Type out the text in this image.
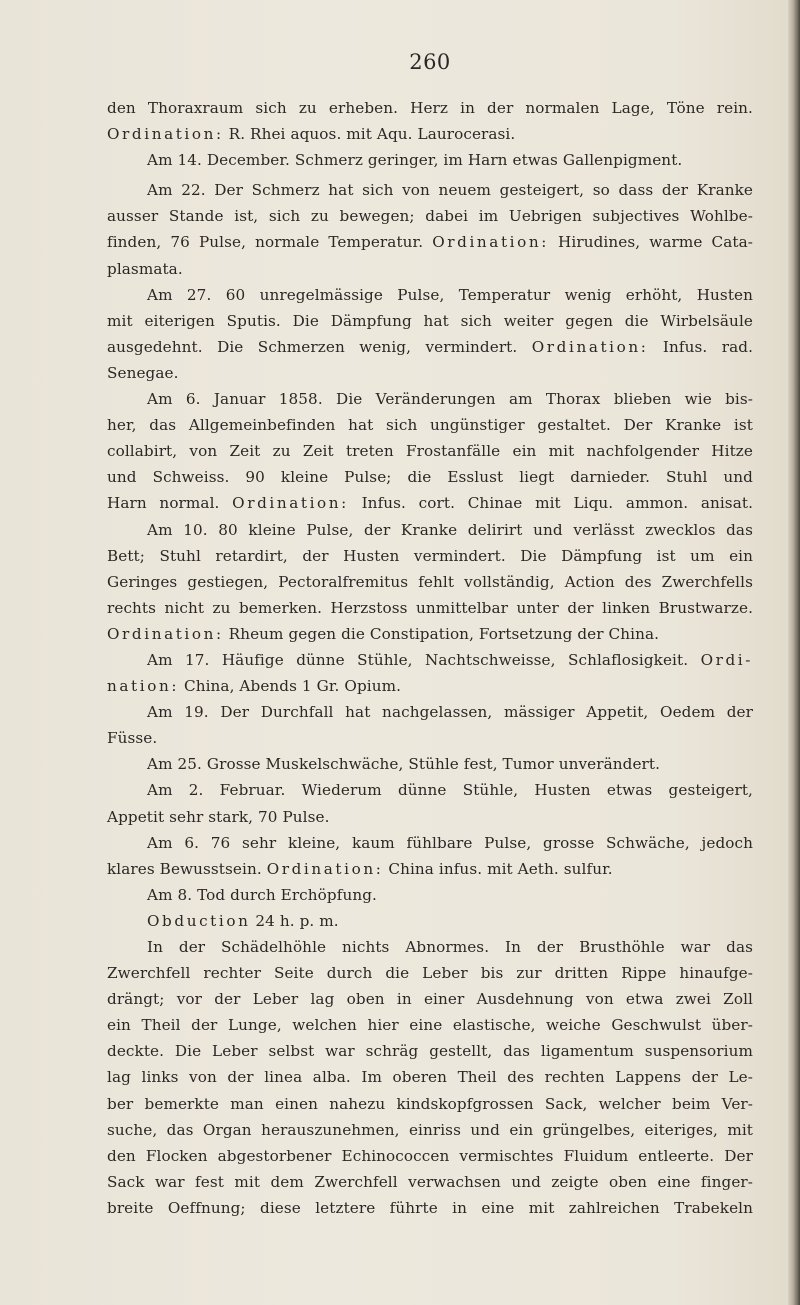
260
den Thoraxraum sich zu erheben. Herz in der normalen Lage, Töne rein.
Ordination: R. Rhei aquos. mit Aqu. Laurocerasi.
Am 14. December. Schmerz geringer, im Harn etwas Gallenpigment.
Am 22. Der Schmerz hat sich von neuem gesteigert, so dass der Kranke
ausser Stande ist, sich zu bewegen; dabei im Uebrigen subjectives Wohlbe-
finden, 76 Pulse, normale Temperatur. Ordination: Hirudines, warme Cata-
plasmata.
Am 27. 60 unregelmässige Pulse, Temperatur wenig erhöht, Husten
mit eiterigen Sputis. Die Dämpfung hat sich weiter gegen die Wirbelsäule
ausgedehnt. Die Schmerzen wenig, vermindert. Ordination: Infus. rad.
Senegae.
Am 6. Januar 1858. Die Veränderungen am Thorax blieben wie bis-
her, das Allgemeinbefinden hat sich ungünstiger gestaltet. Der Kranke ist
collabirt, von Zeit zu Zeit treten Frostanfälle ein mit nachfolgender Hitze
und Schweiss. 90 kleine Pulse; die Esslust liegt darnieder. Stuhl und
Harn normal. Ordination: Infus. cort. Chinae mit Liqu. ammon. anisat.
Am 10. 80 kleine Pulse, der Kranke delirirt und verlässt zwecklos das
Bett; Stuhl retardirt, der Husten vermindert. Die Dämpfung ist um ein
Geringes gestiegen, Pectoralfremitus fehlt vollständig, Action des Zwerchfells
rechts nicht zu bemerken. Herzstoss unmittelbar unter der linken Brustwarze.
Ordination: Rheum gegen die Constipation, Fortsetzung der China.
Am 17. Häufige dünne Stühle, Nachtschweisse, Schlaflosigkeit. Ordi-
nation: China, Abends 1 Gr. Opium.
Am 19. Der Durchfall hat nachgelassen, mässiger Appetit, Oedem der
Füsse.
Am 25. Grosse Muskelschwäche, Stühle fest, Tumor unverändert.
Am 2. Februar. Wiederum dünne Stühle, Husten etwas gesteigert,
Appetit sehr stark, 70 Pulse.
Am 6. 76 sehr kleine, kaum fühlbare Pulse, grosse Schwäche, jedoch
klares Bewusstsein. Ordination: China infus. mit Aeth. sulfur.
Am 8. Tod durch Erchöpfung.
Obduction 24 h. p. m.
In der Schädelhöhle nichts Abnormes. In der Brusthöhle war das
Zwerchfell rechter Seite durch die Leber bis zur dritten Rippe hinaufge-
drängt; vor der Leber lag oben in einer Ausdehnung von etwa zwei Zoll
ein Theil der Lunge, welchen hier eine elastische, weiche Geschwulst über-
deckte. Die Leber selbst war schräg gestellt, das ligamentum suspensorium
lag links von der linea alba. Im oberen Theil des rechten Lappens der Le-
ber bemerkte man einen nahezu kindskopfgrossen Sack, welcher beim Ver-
suche, das Organ herauszunehmen, einriss und ein grüngelbes, eiteriges, mit
den Flocken abgestorbener Echinococcen vermischtes Fluidum entleerte. Der
Sack war fest mit dem Zwerchfell verwachsen und zeigte oben eine finger-
breite Oeffnung; diese letztere führte in eine mit zahlreichen Trabekeln
